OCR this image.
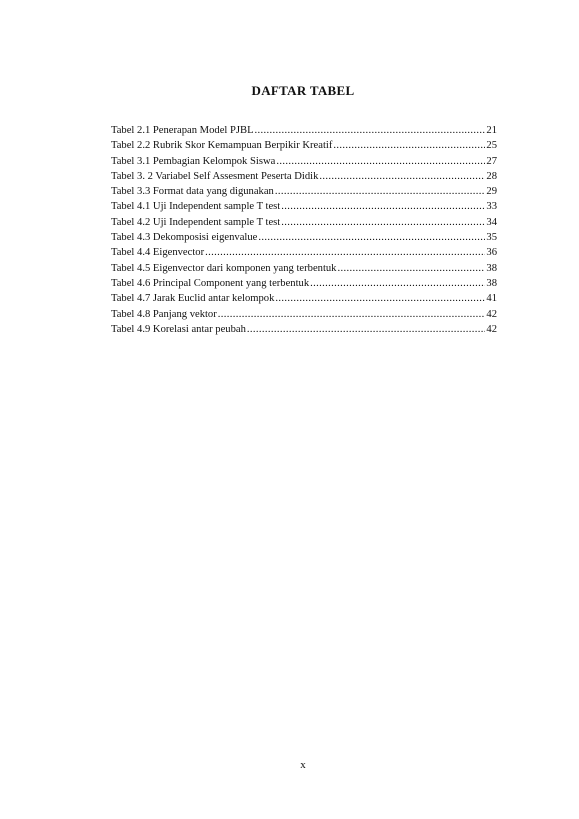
DAFTAR TABEL
Tabel 2.1 Penerapan Model PJBL .....	21
Tabel 2.2 Rubrik Skor Kemampuan Berpikir Kreatif .....	25
Tabel 3.1 Pembagian Kelompok Siswa .....	27
Tabel 3. 2 Variabel Self Assesment Peserta Didik .....	28
Tabel 3.3 Format data yang digunakan .....	29
Tabel 4.1 Uji Independent sample T test .....	33
Tabel 4.2 Uji Independent sample T test .....	34
Tabel 4.3 Dekomposisi eigenvalue .....	35
Tabel 4.4 Eigenvector .....	36
Tabel 4.5 Eigenvector dari komponen yang terbentuk .....	38
Tabel 4.6 Principal Component yang terbentuk .....	38
Tabel 4.7 Jarak Euclid antar kelompok .....	41
Tabel 4.8 Panjang vektor .....	42
Tabel 4.9 Korelasi antar peubah .....	42
x
